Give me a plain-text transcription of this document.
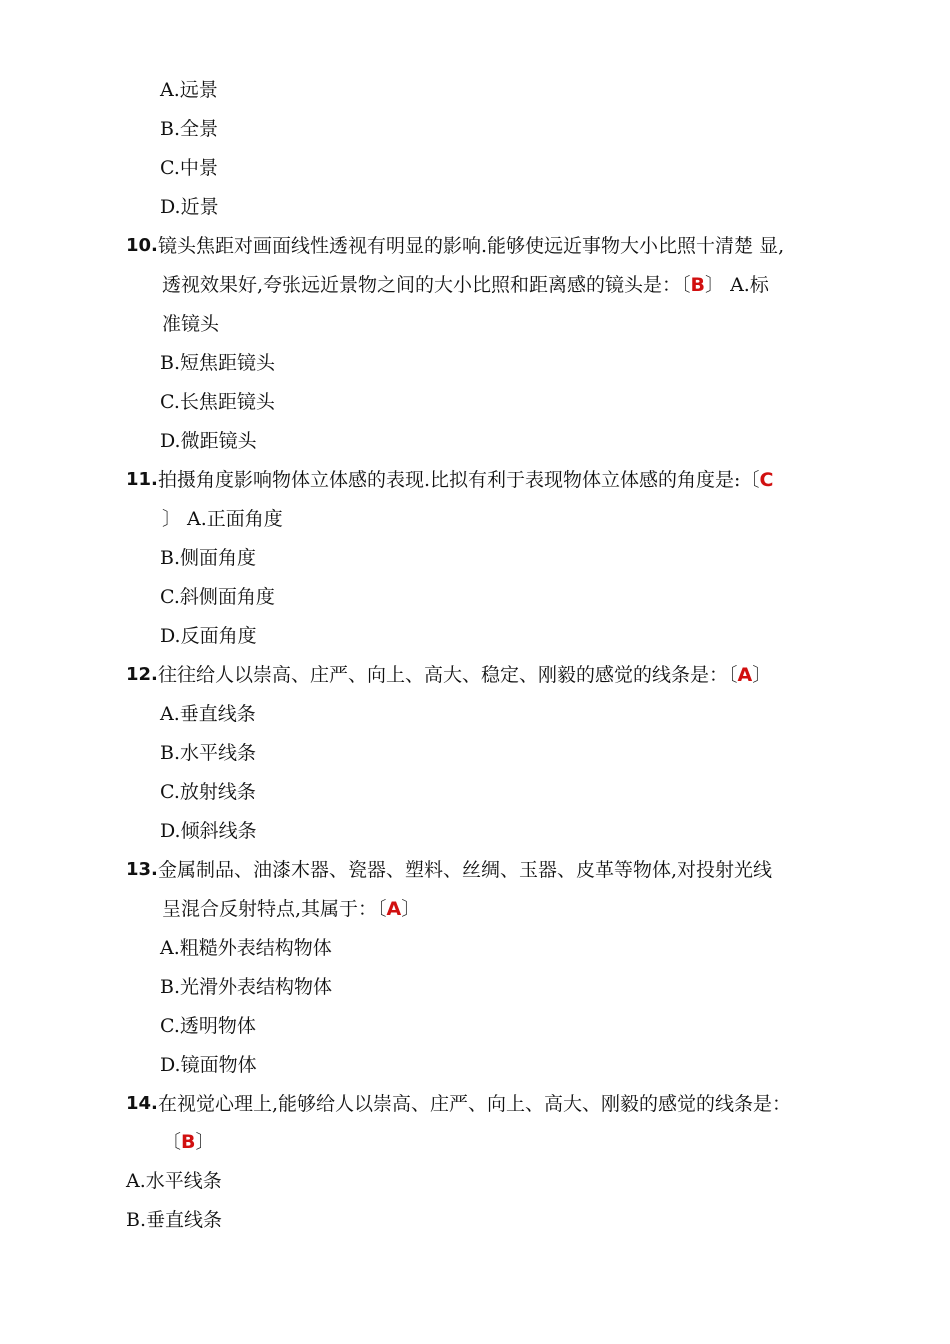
A.远景
B.全景
C.中景
D.近景
10. 镜头焦距对画面线性透视有明显的影响.能够使远近事物大小比照十清楚 显,
透视效果好,夸张远近景物之间的大小比照和距离感的镜头是：〔B〕 A.标
准镜头
B.短焦距镜头
C.长焦距镜头
D.微距镜头
11. 拍摄角度影响物体立体感的表现.比拟有利于表现物体立体感的角度是:〔C
〕 A.正面角度
B.侧面角度
C.斜侧面角度
D.反面角度
12. 往往给人以崇高、庄严、向上、高大、稳定、刚毅的感觉的线条是：〔A〕
A.垂直线条
B.水平线条
C.放射线条
D.倾斜线条
13. 金属制品、油漆木器、瓷器、塑料、丝绸、玉器、皮革等物体,对投射光线
呈混合反射特点,其属于：〔A〕
A.粗糙外表结构物体
B.光滑外表结构物体
C.透明物体
D.镜面物体
14. 在视觉心理上,能够给人以崇高、庄严、向上、高大、刚毅的感觉的线条是：
〔B〕
A.水平线条
B.垂直线条
